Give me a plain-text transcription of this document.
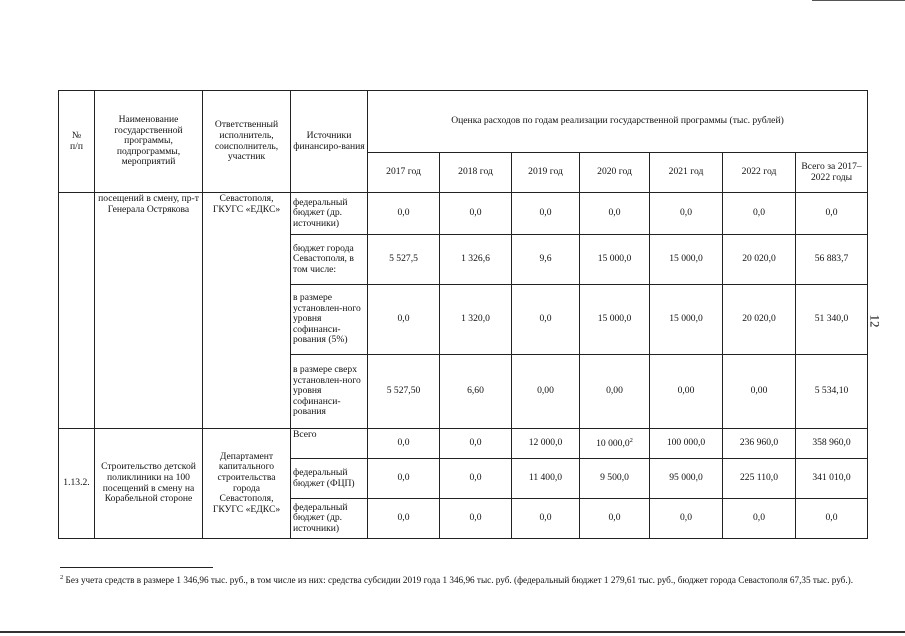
№
п/п	Наименование государственной программы, подпрограммы, мероприятий	Ответственный исполнитель, соисполнитель, участник	Источники финансиро-вания	Оценка расходов по годам реализации государственной программы (тыс. рублей)						
				2017 год	2018 год	2019 год	2020 год	2021 год	2022 год	Всего за 2017–2022 годы
	посещений в смену, пр-т Генерала Острякова	Севастополя, ГКУГС «ЕДКС»	федеральный бюджет (др. источники)	0,0	0,0	0,0	0,0	0,0	0,0	0,0
			бюджет города Севастополя, в том числе:	5 527,5	1 326,6	9,6	15 000,0	15 000,0	20 020,0	56 883,7
			в размере установлен-ного уровня софинанси-рования (5%)	0,0	1 320,0	0,0	15 000,0	15 000,0	20 020,0	51 340,0
			в размере сверх установлен-ного уровня софинанси-рования	5 527,50	6,60	0,00	0,00	0,00	0,00	5 534,10
1.13.2.	Строительство детской поликлиники на 100 посещений в смену на Корабельной стороне	Департамент капитального строительства города Севастополя, ГКУГС «ЕДКС»	Всего	0,0	0,0	12 000,0	10 000,0$^2$	100 000,0	236 960,0	358 960,0
			федеральный бюджет (ФЦП)	0,0	0,0	11 400,0	9 500,0	95 000,0	225 110,0	341 010,0
			федеральный бюджет (др. источники)	0,0	0,0	0,0	0,0	0,0	0,0	0,0
12
$^2$ Без учета средств в размере 1 346,96 тыс. руб., в том числе из них: средства субсидии 2019 года 1 346,96 тыс. руб. (федеральный бюджет 1 279,61 тыс. руб., бюджет города Севастополя 67,35 тыс. руб.).
